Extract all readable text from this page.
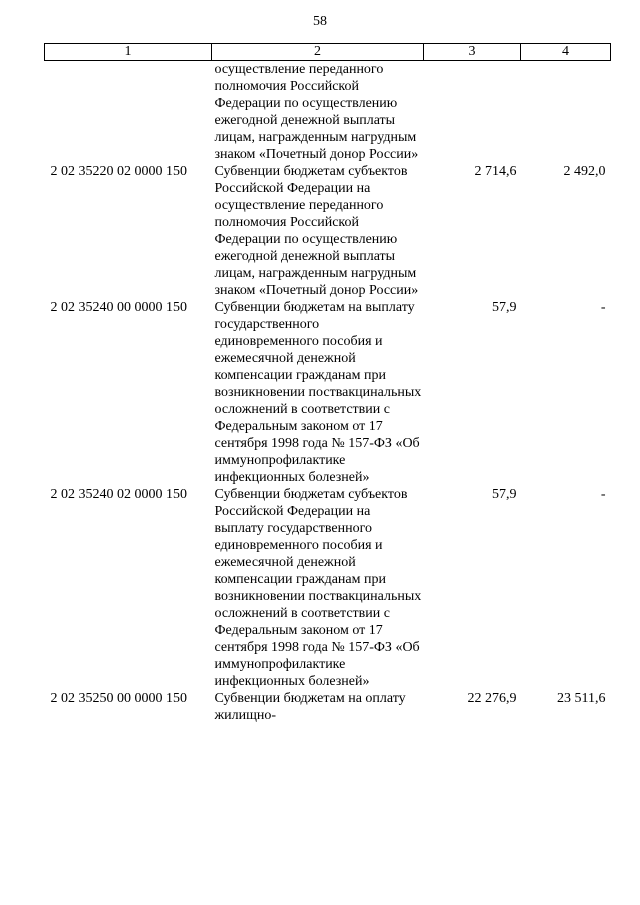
58
1	2	3	4
	осуществление переданного полномочия Российской Федерации по осуществлению ежегодной денежной выплаты лицам, награжденным нагрудным знаком «Почетный донор России»		
2 02 35220 02 0000 150	Субвенции бюджетам субъектов Российской Федерации на осуществление переданного полномочия Российской Федерации по осуществлению ежегодной денежной выплаты лицам, награжденным нагрудным знаком «Почетный донор России»	2 714,6	2 492,0
2 02 35240 00 0000 150	Субвенции бюджетам на выплату государственного единовременного пособия и ежемесячной денежной компенсации гражданам при возникновении поствакцинальных осложнений в соответствии с Федеральным законом от 17 сентября 1998 года № 157-ФЗ «Об иммунопрофилактике инфекционных болезней»	57,9	-
2 02 35240 02 0000 150	Субвенции бюджетам субъектов Российской Федерации на выплату государственного единовременного пособия и ежемесячной денежной компенсации гражданам при возникновении поствакцинальных осложнений в соответствии с Федеральным законом от 17 сентября 1998 года № 157-ФЗ «Об иммунопрофилактике инфекционных болезней»	57,9	-
2 02 35250 00 0000 150	Субвенции бюджетам на оплату жилищно-	22 276,9	23 511,6
